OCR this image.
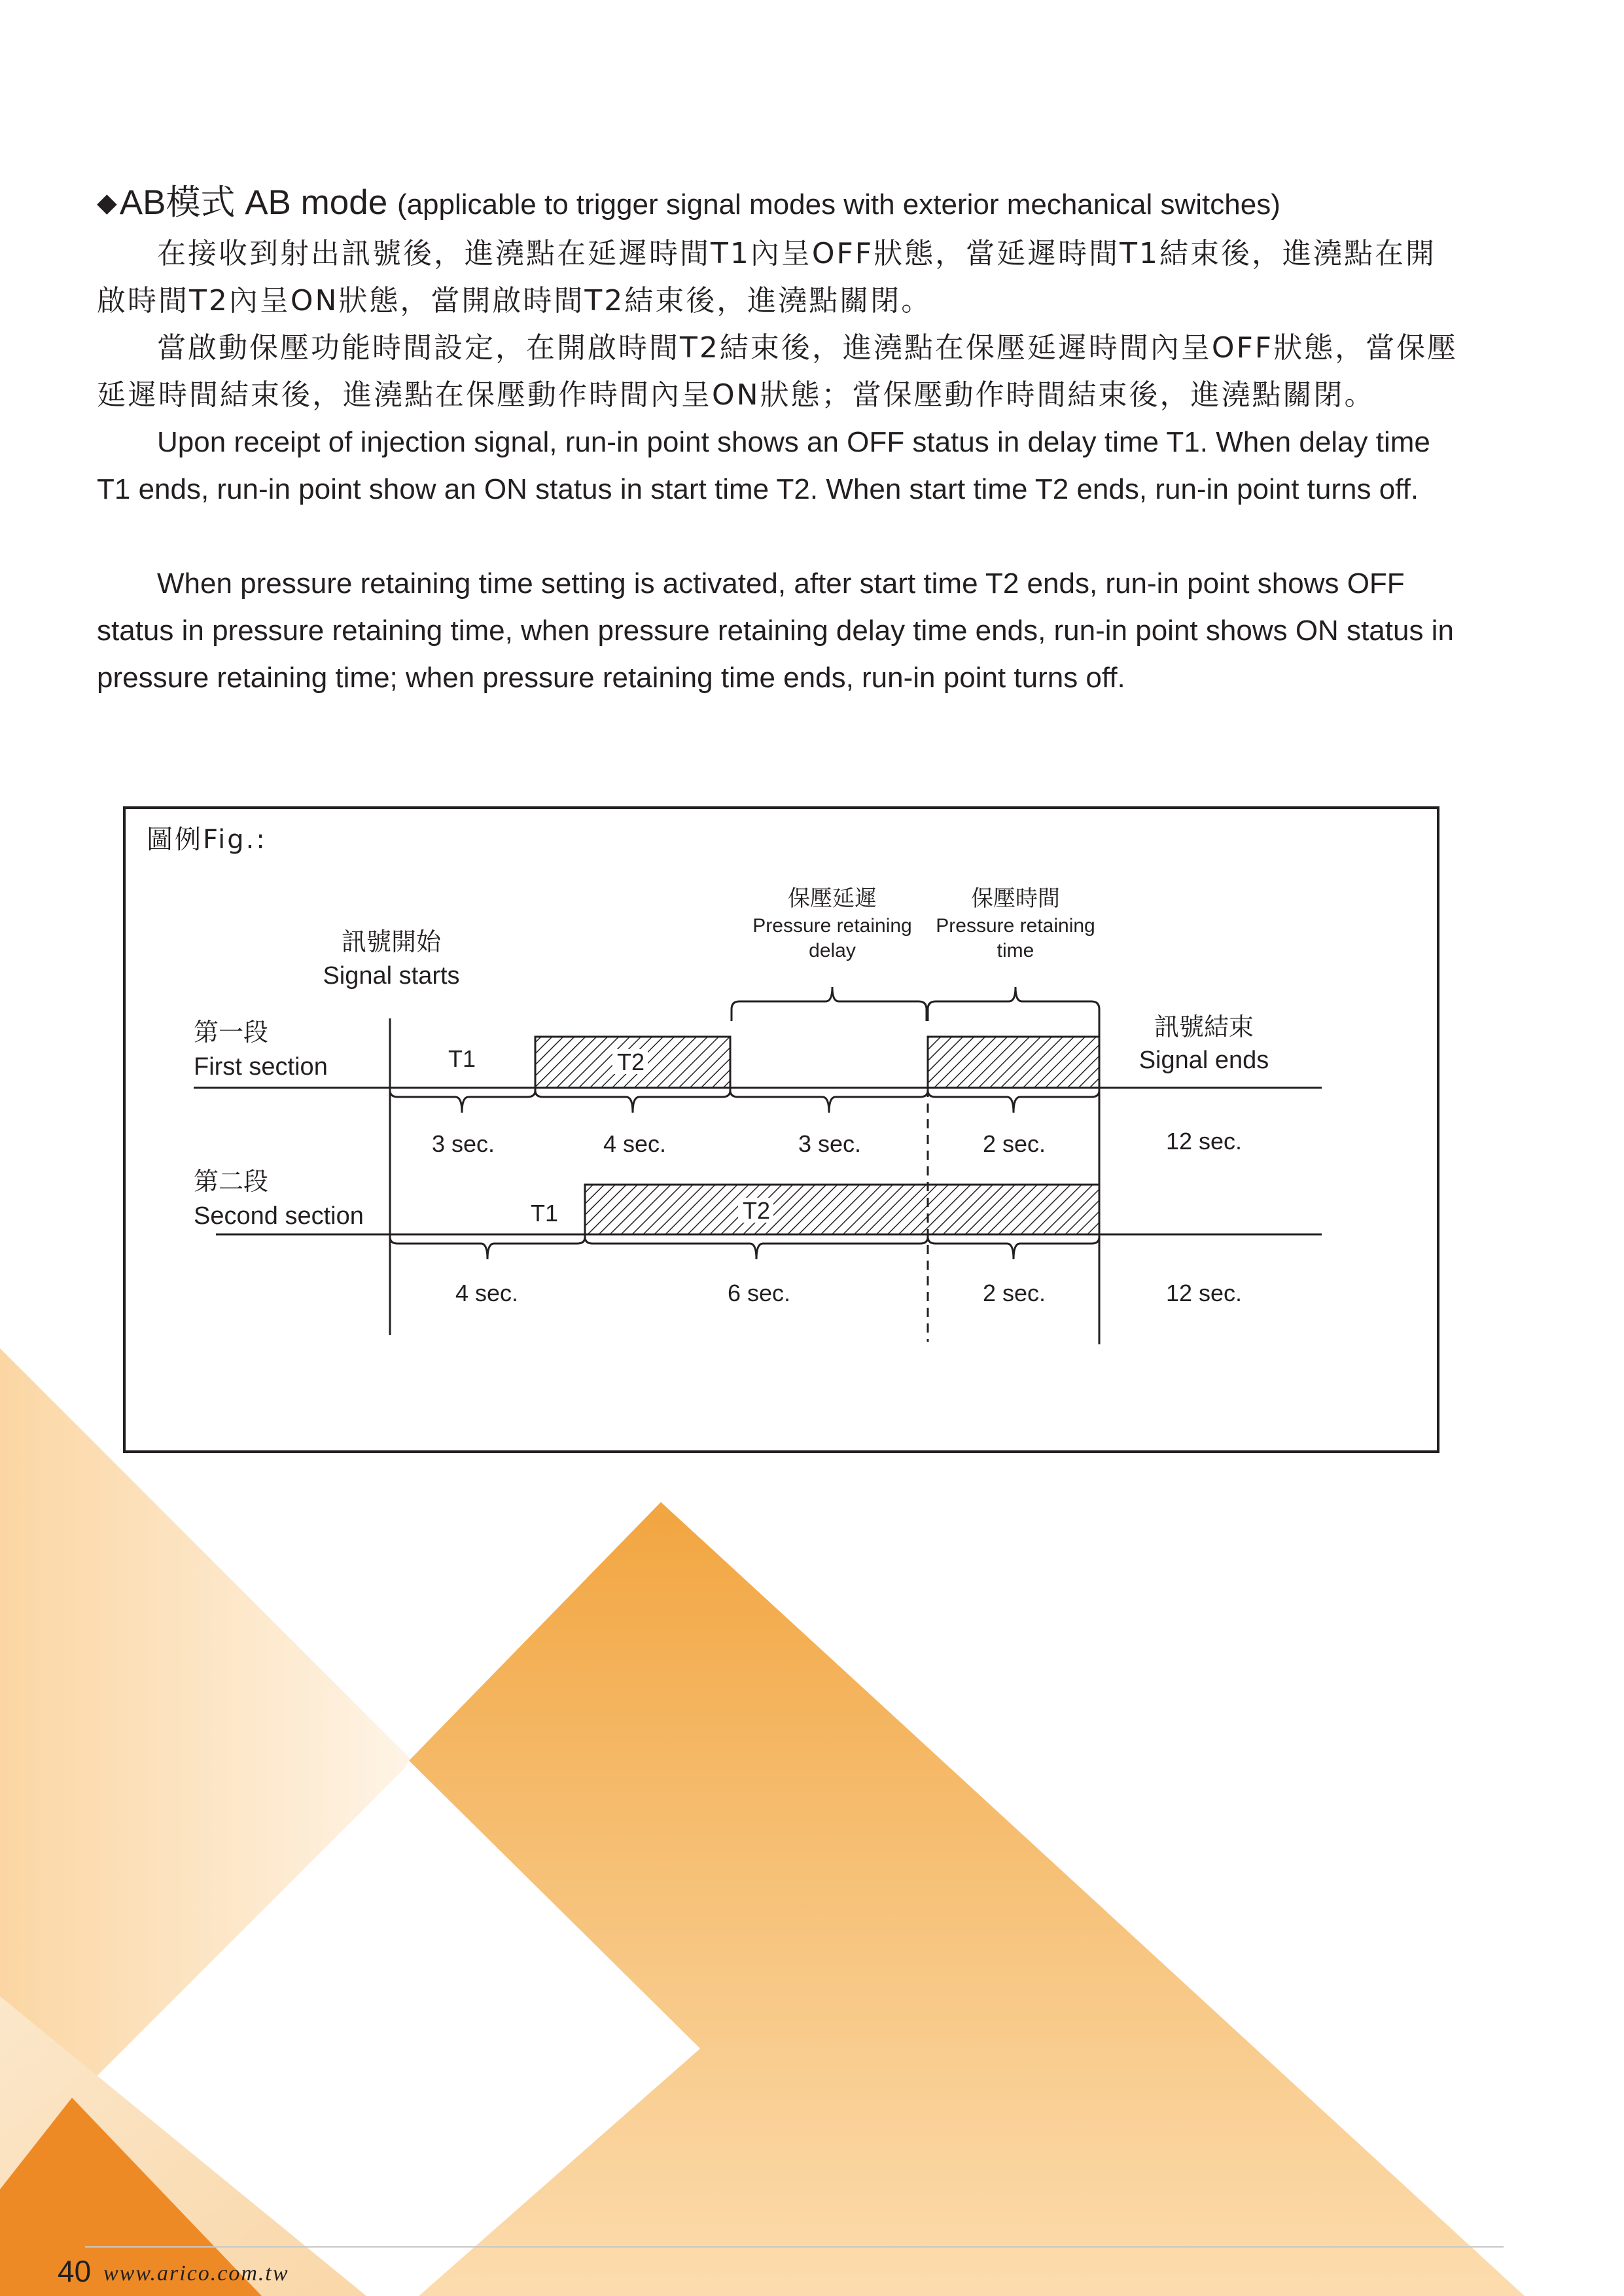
◆AB模式 AB mode (applicable to trigger signal modes with exterior mechanical switches)

在接收到射出訊號後，進澆點在延遲時間T1內呈OFF狀態，當延遲時間T1結束後，進澆點在開啟時間T2內呈ON狀態，當開啟時間T2結束後，進澆點關閉。

當啟動保壓功能時間設定，在開啟時間T2結束後，進澆點在保壓延遲時間內呈OFF狀態，當保壓延遲時間結束後，進澆點在保壓動作時間內呈ON狀態；當保壓動作時間結束後，進澆點關閉。

Upon receipt of injection signal, run-in point shows an OFF status in delay time T1. When delay time T1 ends, run-in point show an ON status in start time T2. When start time T2 ends, run-in point turns off.

When pressure retaining time setting is activated, after start time T2 ends, run-in point shows OFF status in pressure retaining time, when pressure retaining delay time ends, run-in point shows ON status in pressure retaining time; when pressure retaining time ends, run-in point turns off.

圖例Fig.:
訊號開始
Signal starts
保壓延遲
Pressure retaining
delay
保壓時間
Pressure retaining
time
第一段
First section
訊號結束
Signal ends
T1	T2
3 sec.	4 sec.	3 sec.	2 sec.	12 sec.
第二段
Second section	T1	T2
4 sec.	6 sec.	2 sec.	12 sec.
40 www.arico.com.tw
